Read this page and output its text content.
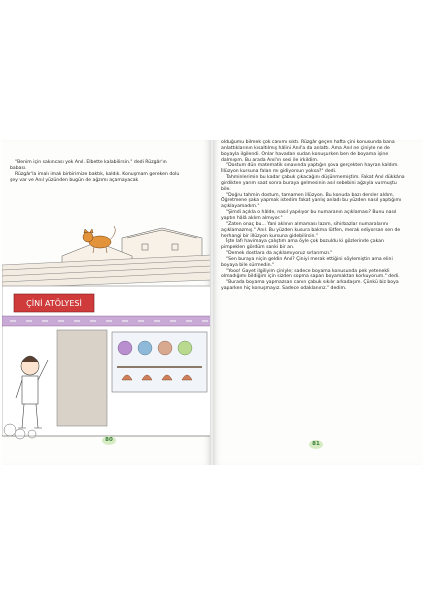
"Benim için sakıncası yok Anıl. Elbette kalabilirsin." dedi Rüzgâr'ın babası.

Rüzgâr'la imalı imalı birbirimize baktık, kaldık. Konuşmam gereken dolu şey var ve Anıl yüzünden bugün de ağzımı açamayacak

ÇİNİ ATÖLYESİ
80

olduğumu bilmek çok canımı sıktı. Rüzgâr geçen hafta çini konusunda bana anlattıklarının kısaltılmış hâlini Anıl'a da anlattı. Ama Anıl ne çiniyle ne de boyayla ilgilendi. Onlar havadan sudan konuşurken ben de boyama işine dalmışım. Bu arada Anıl'ın sesi ile irkildim.

"Dostum dün matematik sınavında yaptığın şova gerçekten hayran kaldım. İllüzyon kursuna falan mı gidiyorsun yoksa?" dedi.

Tahminlerimin bu kadar çabuk çıkacağını düşünmemiştim. Fakat Anıl dükkâna girdikten yarım saat sonra buraya gelmesinin asıl sebebini ağzıyla vurmuştu bile.

"Doğru tahmin dostum, tamamen illüzyon. Bu konuda bazı dersler aldım. Öğretmene şaka yapmak istedim fakat yanlış anladı bu yüzden nasıl yaptığımı açıklayamadım."

"Şimdi açıkla o hâlde, nasıl yapılıyor bu numaranın açıklaması? Bunu nasıl yaptın hâlâ aklım almıyor."

"Zaten onaç bu... Yani aklının almaması lazım, sihirbazlar numaralarını açıklamazmış." Anıl. Bu yüzden kusura bakma lütfen, merak ediyorsan sen de herhangi bir illüzyon kursuna gidebilirsin."

İşte lafı havimaya çalıştım ama öyle çok bozuldu ki gözlerinde çakan pimpeklerı gördüm sanki bir an.

"Demek dostlara da açıklamıyoruz sırlarımızı."

"Sen buraya niçin geldin Anıl? Çiniyi merak ettiğini söylemiştin ama elini boyaya bile sürmedin."

"Yooo! Gayet ilgiliyim çiniyle; sadece boyama konusunda pek yetenekli olmadığımı bildiğim için sizden sopma sapan boyamaktan korkuyorum." dedi.

"Burada boyama yapmazsan canın çabuk sıkılır arkadaşım. Çünkü biz boya yaparken hiç konuşmayız. Sadece odaklanırız." dedim.

81
